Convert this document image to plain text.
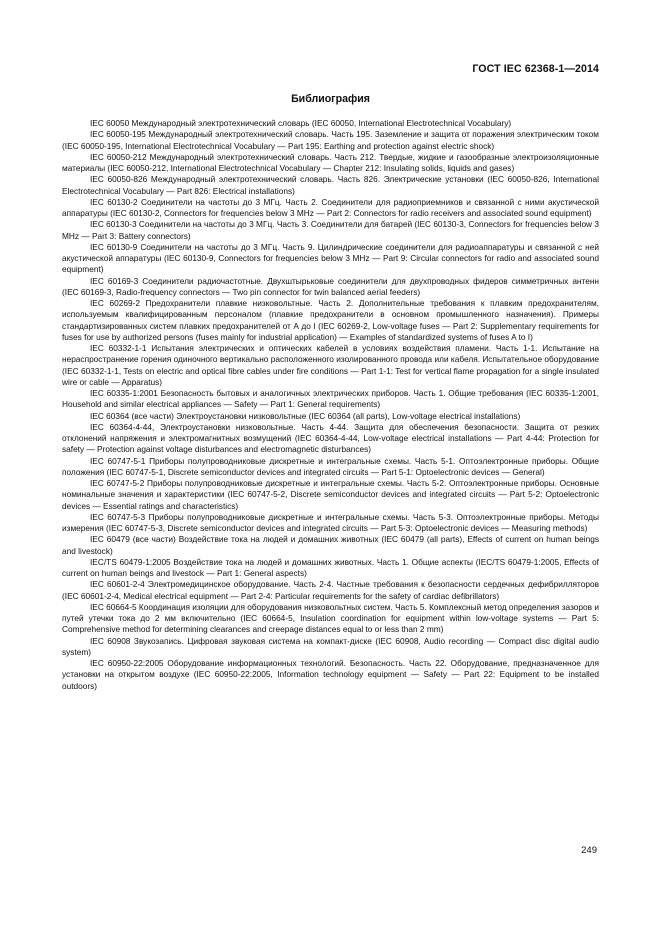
ГОСТ IEC 62368-1—2014
Библиография

IEC 60050 Международный электротехнический словарь (IEC 60050, International Electrotechnical Vocabulary)

IEC 60050-195 Международный электротехнический словарь. Часть 195. Заземление и защита от поражения электрическим током (IEC 60050-195, International Electrotechnical Vocabulary — Part 195: Earthing and protection against electric shock)

IEC 60050-212 Международный электротехнический словарь. Часть 212. Твердые, жидкие и газообразные электроизоляционные материалы (IEC 60050-212, International Electrotechnical Vocabulary — Chapter 212: Insulating solids, liquids and gases)

IEC 60050-826 Международный электротехнический словарь. Часть 826. Электрические установки (IEC 60050-826, International Electrotechnical Vocabulary — Part 826: Electrical installations)

IEC 60130-2 Соединители на частоты до 3 МГц. Часть 2. Соединители для радиоприемников и связанной с ними акустической аппаратуры (IEC 60130-2, Connectors for frequencies below 3 MHz — Part 2: Connectors for radio receivers and associated sound equipment)

IEC 60130-3 Соединители на частоты до 3 МГц. Часть 3. Соединители для батарей (IEC 60130-3, Connectors for frequencies below 3 MHz — Part 3: Battery connectors)

IEC 60130-9 Соединители на частоты до 3 МГц. Часть 9. Цилиндрические соединители для радиоаппаратуры и связанной с ней акустической аппаратуры (IEC 60130-9, Connectors for frequencies below 3 MHz — Part 9: Circular connectors for radio and associated sound equipment)

IEC 60169-3 Соединители радиочастотные. Двухштырьковые соединители для двухпроводных фидеров симметричных антенн (IEC 60169-3, Radio-frequency connectors — Two pin connector for twin balanced aerial feeders)

IEC 60269-2 Предохранители плавкие низковольтные. Часть 2. Дополнительные требования к плавким предохранителям, используемым квалифицированным персоналом (плавкие предохранители в основном промышленного назначения). Примеры стандартизированных систем плавких предохранителей от А до I (IEC 60269-2, Low-voltage fuses — Part 2: Supplementary requirements for fuses for use by authorized persons (fuses mainly for industrial application) — Examples of standardized systems of fuses A to I)

IEC 60332-1-1 Испытания электрических и оптических кабелей в условиях воздействия пламени. Часть 1-1. Испытание на нераспространение горения одиночного вертикально расположенного изолированного провода или кабеля. Испытательное оборудование (IEC 60332-1-1, Tests on electric and optical fibre cables under fire conditions — Part 1-1: Test for vertical flame propagation for a single insulated wire or cable — Apparatus)

IEC 60335-1:2001 Безопасность бытовых и аналогичных электрических приборов. Часть 1. Общие требования (IEC 60335-1:2001, Household and similar electrical appliances — Safety — Part 1: General requirements)

IEC 60364 (все части) Электроустановки низковольтные (IEC 60364 (all parts), Low-voltage electrical installations)

IEC 60364-4-44, Электроустановки низковольтные. Часть 4-44. Защита для обеспечения безопасности. Защита от резких отклонений напряжения и электромагнитных возмущений (IEC 60364-4-44, Low-voltage electrical installations — Part 4-44: Protection for safety — Protection against voltage disturbances and electromagnetic disturbances)

IEC 60747-5-1 Приборы полупроводниковые дискретные и интегральные схемы. Часть 5-1. Оптоэлектронные приборы. Общие положения (IEC 60747-5-1, Discrete semiconductor devices and integrated circuits — Part 5-1: Optoelectronic devices — General)

IEC 60747-5-2 Приборы полупроводниковые дискретные и интегральные схемы. Часть 5-2. Оптоэлектронные приборы. Основные номинальные значения и характеристики (IEC 60747-5-2, Discrete semiconductor devices and integrated circuits — Part 5-2: Optoelectronic devices — Essential ratings and characteristics)

IEC 60747-5-3 Приборы полупроводниковые дискретные и интегральные схемы. Часть 5-3. Оптоэлектронные приборы. Методы измерения (IEC 60747-5-3, Discrete semiconductor devices and integrated circuits — Part 5-3: Optoelectronic devices — Measuring methods)

IEC 60479 (все части) Воздействие тока на людей и домашних животных (IEC 60479 (all parts), Effects of current on human beings and livestock)

IEC/TS 60479-1:2005 Воздействие тока на людей и домашних животных. Часть 1. Общие аспекты (IEC/TS 60479-1:2005, Effects of current on human beings and livestock — Part 1: General aspects)

IEC 60601-2-4 Электромедицинское оборудование. Часть 2-4. Частные требования к безопасности сердечных дефибрилляторов (IEC 60601-2-4, Medical electrical equipment — Part 2-4: Particular requirements for the safety of cardiac defibrillators)

IEC 60664-5 Координация изоляции для оборудования низковольтных систем. Часть 5. Комплексный метод определения зазоров и путей утечки тока до 2 мм включительно (IEC 60664-5, Insulation coordination for equipment within low-voltage systems — Part 5: Comprehensive method for determining clearances and creepage distances equal to or less than 2 mm)

IEC 60908 Звукозапись. Цифровая звуковая система на компакт-диске (IEC 60908, Audio recording — Compact disc digital audio system)

IEC 60950-22:2005 Оборудование информационных технологий. Безопасность. Часть 22. Оборудование, предназначенное для установки на открытом воздухе (IEC 60950-22:2005, Information technology equipment — Safety — Part 22: Equipment to be installed outdoors)

249
